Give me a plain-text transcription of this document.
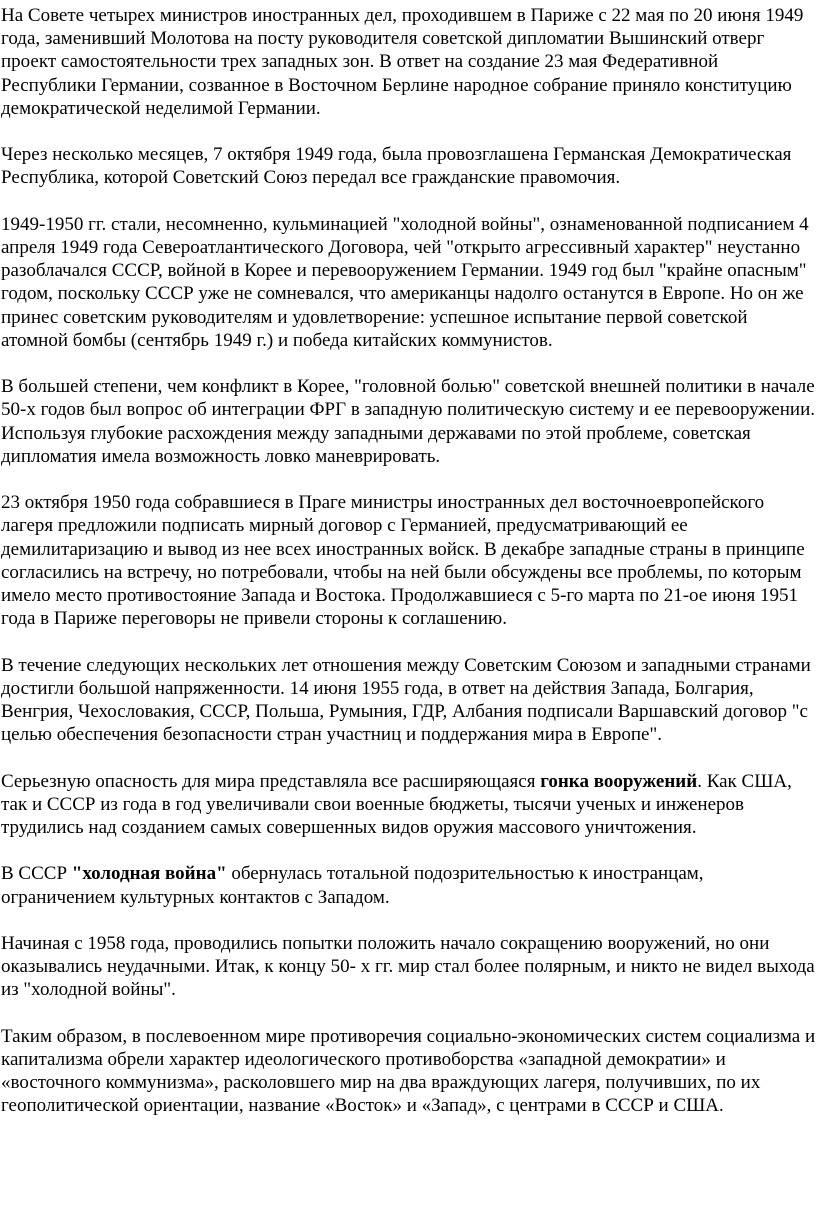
На Совете четырех министров иностранных дел, проходившем в Париже с 22 мая по 20 июня 1949 года, заменивший Молотова на посту руководителя советской дипломатии Вышинский отверг проект самостоятельности трех западных зон. В ответ на создание 23 мая Федеративной Республики Германии, созванное в Восточном Берлине народное собрание приняло конституцию демократической неделимой Германии.

Через несколько месяцев, 7 октября 1949 года, была провозглашена Германская Демократическая Республика, которой Советский Союз передал все гражданские правомочия.

1949-1950 гг. стали, несомненно, кульминацией "холодной войны", ознаменованной подписанием 4 апреля 1949 года Североатлантического Договора, чей "открыто агрессивный характер" неустанно разоблачался СССР, войной в Корее и перевооружением Германии. 1949 год был "крайне опасным" годом, поскольку СССР уже не сомневался, что американцы надолго останутся в Европе. Но он же принес советским руководителям и удовлетворение: успешное испытание первой советской атомной бомбы (сентябрь 1949 г.) и победа китайских коммунистов.

В большей степени, чем конфликт в Корее, "головной болью" советской внешней политики в начале 50-х годов был вопрос об интеграции ФРГ в западную политическую систему и ее перевооружении. Используя глубокие расхождения между западными державами по этой проблеме, советская дипломатия имела возможность ловко маневрировать.

23 октября 1950 года собравшиеся в Праге министры иностранных дел восточноевропейского лагеря предложили подписать мирный договор с Германией, предусматривающий ее демилитаризацию и вывод из нее всех иностранных войск. В декабре западные страны в принципе согласились на встречу, но потребовали, чтобы на ней были обсуждены все проблемы, по которым имело место противостояние Запада и Востока. Продолжавшиеся с 5-го марта по 21-ое июня 1951 года в Париже переговоры не привели стороны к соглашению.

В течение следующих нескольких лет отношения между Советским Союзом и западными странами достигли большой напряженности. 14 июня 1955 года, в ответ на действия Запада, Болгария, Венгрия, Чехословакия, СССР, Польша, Румыния, ГДР, Албания подписали Варшавский договор "с целью обеспечения безопасности стран участниц и поддержания мира в Европе".

Серьезную опасность для мира представляла все расширяющаяся гонка вооружений. Как США, так и СССР из года в год увеличивали свои военные бюджеты, тысячи ученых и инженеров трудились над созданием самых совершенных видов оружия массового уничтожения.

В СССР "холодная война" обернулась тотальной подозрительностью к иностранцам, ограничением культурных контактов с Западом.

Начиная с 1958 года, проводились попытки положить начало сокращению вооружений, но они оказывались неудачными. Итак, к концу 50- х гг. мир стал более полярным, и никто не видел выхода из "холодной войны".

Таким образом, в послевоенном мире противоречия социально-экономических систем социализма и капитализма обрели характер идеологического противоборства «западной демократии» и «восточного коммунизма», расколовшего мир на два враждующих лагеря, получивших, по их геополитической ориентации, название «Восток» и «Запад», с центрами в СССР и США.
